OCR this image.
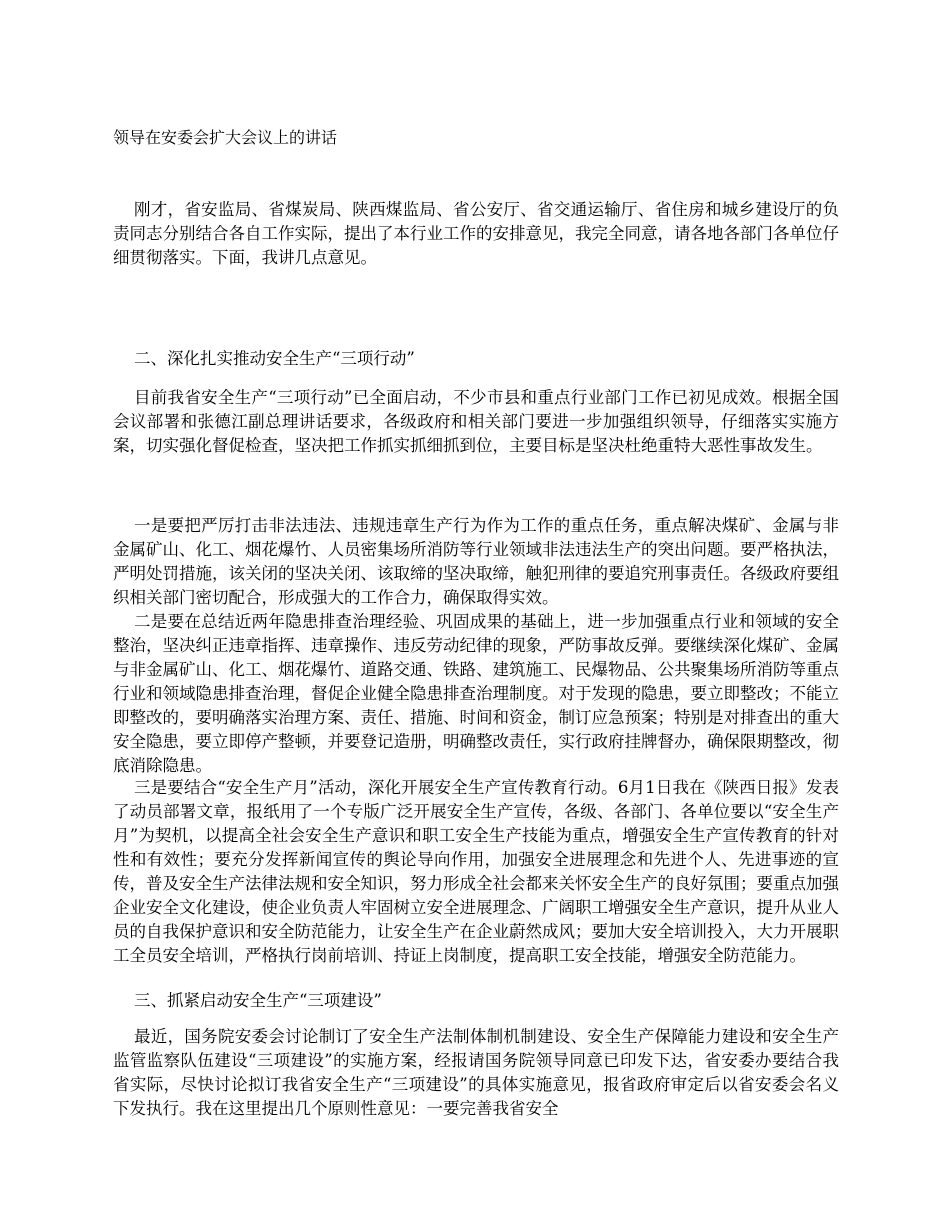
领导在安委会扩大会议上的讲话

刚才，省安监局、省煤炭局、陕西煤监局、省公安厅、省交通运输厅、省住房和城乡建设厅的负责同志分别结合各自工作实际，提出了本行业工作的安排意见，我完全同意，请各地各部门各单位仔细贯彻落实。下面，我讲几点意见。

二、深化扎实推动安全生产“三项行动”

目前我省安全生产“三项行动”已全面启动，不少市县和重点行业部门工作已初见成效。根据全国会议部署和张德江副总理讲话要求，各级政府和相关部门要进一步加强组织领导，仔细落实实施方案，切实强化督促检查，坚决把工作抓实抓细抓到位，主要目标是坚决杜绝重特大恶性事故发生。

一是要把严厉打击非法违法、违规违章生产行为作为工作的重点任务，重点解决煤矿、金属与非金属矿山、化工、烟花爆竹、人员密集场所消防等行业领域非法违法生产的突出问题。要严格执法，严明处罚措施，该关闭的坚决关闭、该取缔的坚决取缔，触犯刑律的要追究刑事责任。各级政府要组织相关部门密切配合，形成强大的工作合力，确保取得实效。

二是要在总结近两年隐患排查治理经验、巩固成果的基础上，进一步加强重点行业和领域的安全整治，坚决纠正违章指挥、违章操作、违反劳动纪律的现象，严防事故反弹。要继续深化煤矿、金属与非金属矿山、化工、烟花爆竹、道路交通、铁路、建筑施工、民爆物品、公共聚集场所消防等重点行业和领域隐患排查治理，督促企业健全隐患排查治理制度。对于发现的隐患，要立即整改；不能立即整改的，要明确落实治理方案、责任、措施、时间和资金，制订应急预案；特别是对排查出的重大安全隐患，要立即停产整顿，并要登记造册，明确整改责任，实行政府挂牌督办，确保限期整改，彻底消除隐患。

三是要结合“安全生产月”活动，深化开展安全生产宣传教育行动。6月1日我在《陕西日报》发表了动员部署文章，报纸用了一个专版广泛开展安全生产宣传，各级、各部门、各单位要以“安全生产月”为契机，以提高全社会安全生产意识和职工安全生产技能为重点，增强安全生产宣传教育的针对性和有效性；要充分发挥新闻宣传的舆论导向作用，加强安全进展理念和先进个人、先进事迹的宣传，普及安全生产法律法规和安全知识，努力形成全社会都来关怀安全生产的良好氛围；要重点加强企业安全文化建设，使企业负责人牢固树立安全进展理念、广阔职工增强安全生产意识，提升从业人员的自我保护意识和安全防范能力，让安全生产在企业蔚然成风；要加大安全培训投入，大力开展职工全员安全培训，严格执行岗前培训、持证上岗制度，提高职工安全技能，增强安全防范能力。

三、抓紧启动安全生产“三项建设”

最近，国务院安委会讨论制订了安全生产法制体制机制建设、安全生产保障能力建设和安全生产监管监察队伍建设“三项建设”的实施方案，经报请国务院领导同意已印发下达，省安委办要结合我省实际，尽快讨论拟订我省安全生产“三项建设”的具体实施意见，报省政府审定后以省安委会名义下发执行。我在这里提出几个原则性意见：一要完善我省安全
